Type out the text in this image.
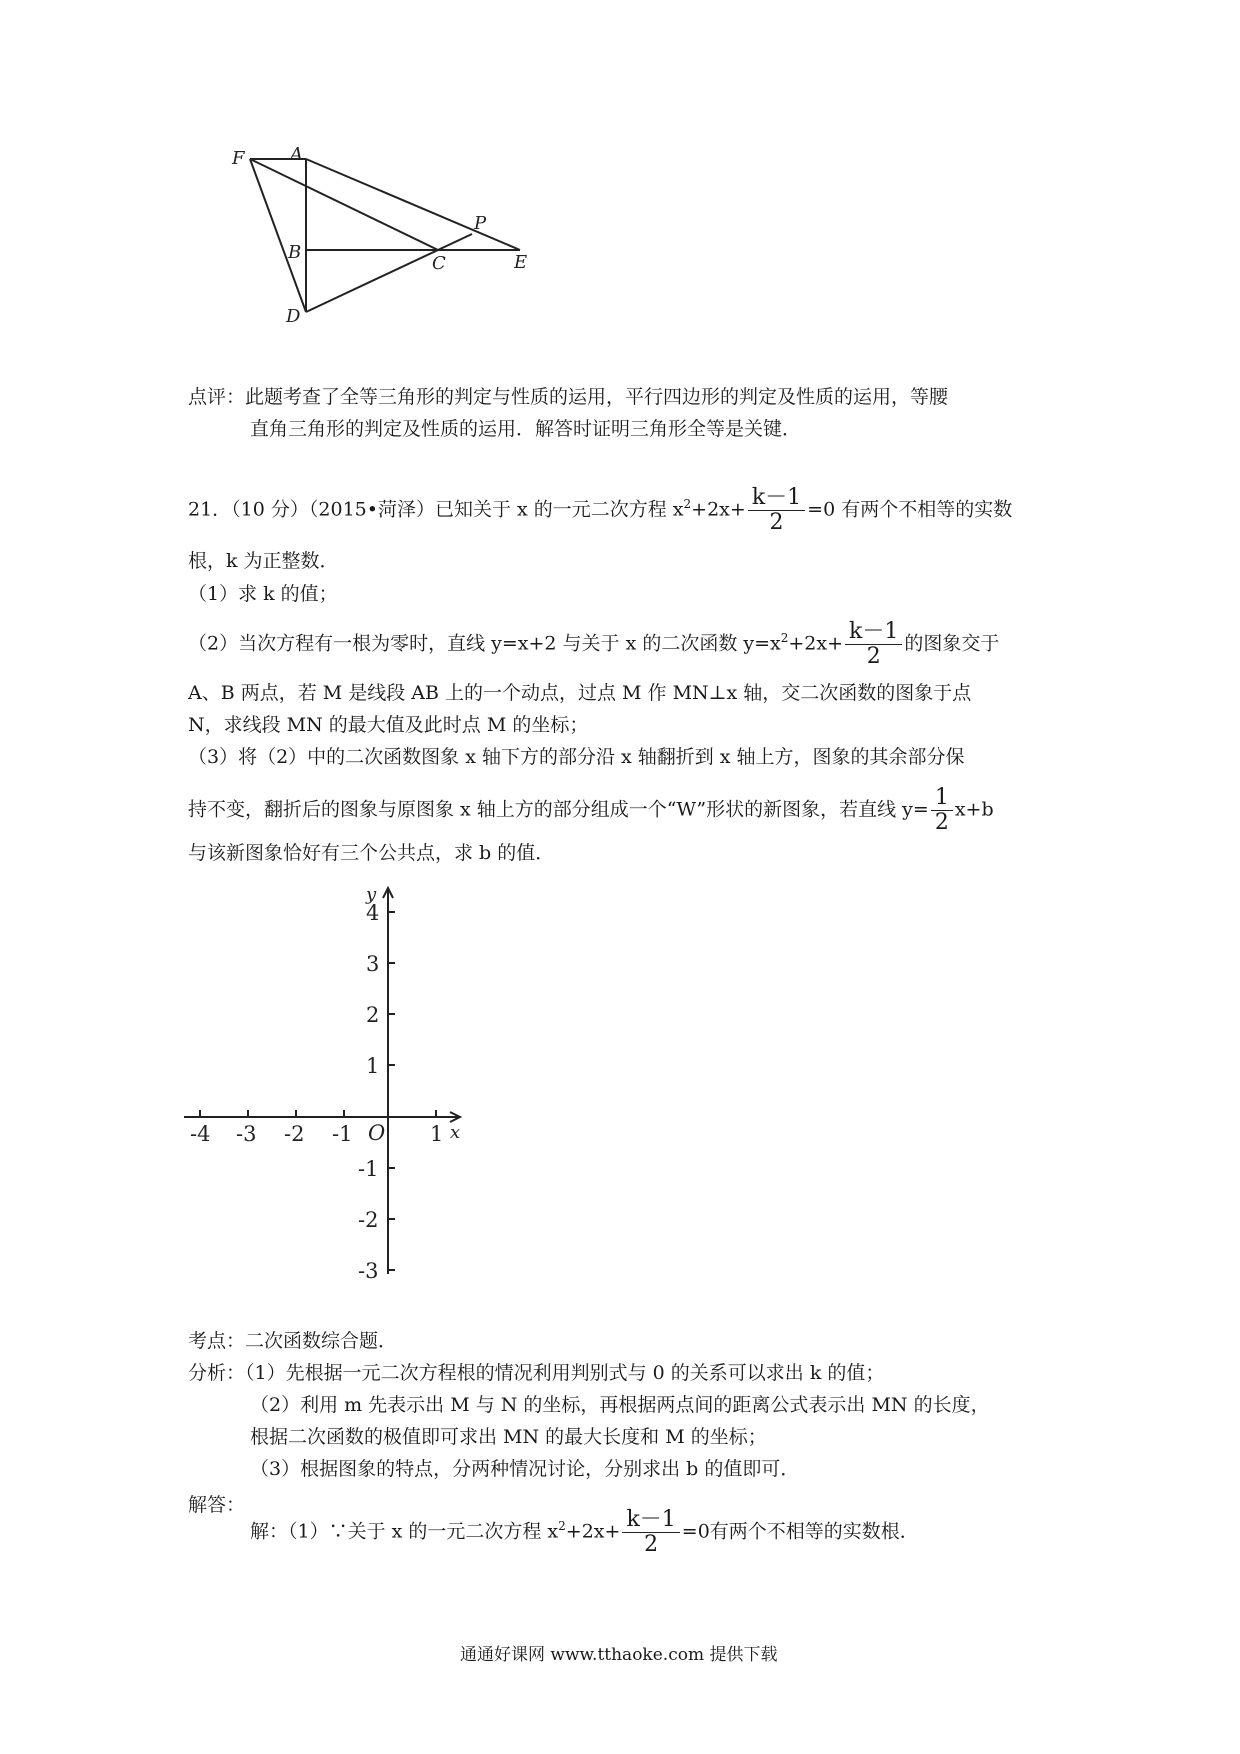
F	A
P
B
C	E
D
点评：此题考查了全等三角形的判定与性质的运用，平行四边形的判定及性质的运用，等腰
直角三角形的判定及性质的运用．解答时证明三角形全等是关键．
21．（10 分）（2015•菏泽）已知关于 x 的一元二次方程 $x^2+2x+ \frac{k-1}{2} =0$ 有两个不相等的实数
根，k 为正整数．
（1）求 k 的值；
（2）当次方程有一根为零时，直线 y=x+2 与关于 x 的二次函数 $y=x^2+2x+ \frac{k-1}{2}$ 的图象交于
A、B 两点，若 M 是线段 AB 上的一个动点，过点 M 作 MN⊥x 轴，交二次函数的图象于点
N，求线段 MN 的最大值及此时点 M 的坐标；
（3）将（2）中的二次函数图象 x 轴下方的部分沿 x 轴翻折到 x 轴上方，图象的其余部分保
持不变，翻折后的图象与原图象 x 轴上方的部分组成一个“W”形状的新图象，若直线 $y= \frac{1}{2} x+b$
与该新图象恰好有三个公共点，求 b 的值．
y
x
O
-4 -3 -2 -1	1
4
3
2
1
-1
-2
-3
考点：二次函数综合题．
分析：（1）先根据一元二次方程根的情况利用判别式与 0 的关系可以求出 k 的值；
（2）利用 m 先表示出 M 与 N 的坐标，再根据两点间的距离公式表示出 MN 的长度，
根据二次函数的极值即可求出 MN 的最大长度和 M 的坐标；
（3）根据图象的特点，分两种情况讨论，分别求出 b 的值即可．
解答：
解：（1）∵关于 x 的一元二次方程 $x^2+2x+ \frac{k-1}{2} =0$有两个不相等的实数根．
通通好课网 www.tthaoke.com 提供下载
